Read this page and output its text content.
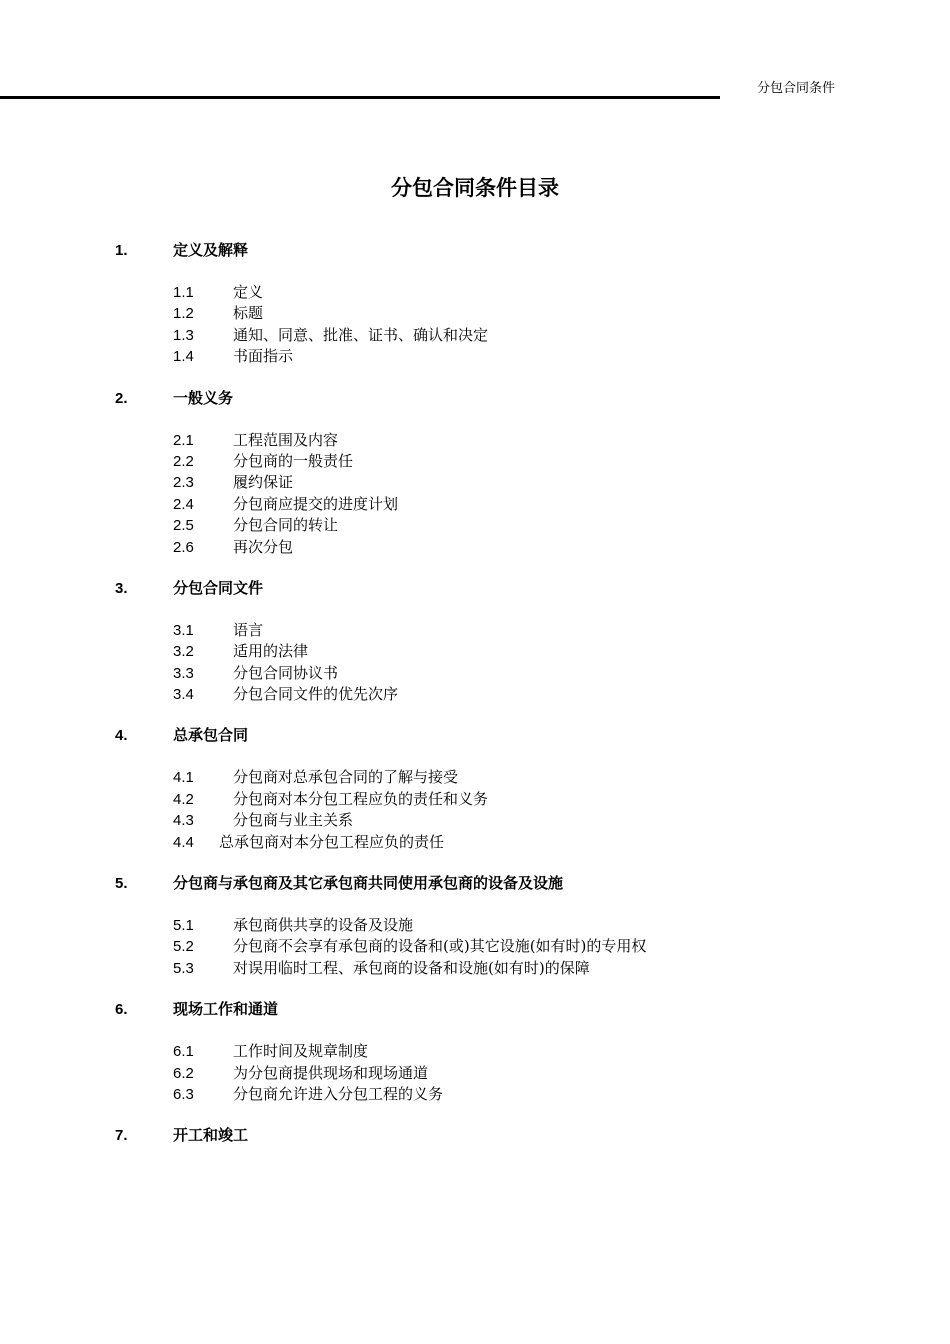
分包合同条件
分包合同条件目录
1.	定义及解释
1.1	定义
1.2	标题
1.3	通知、同意、批准、证书、确认和决定
1.4	书面指示
2.	一般义务
2.1	工程范围及内容
2.2	分包商的一般责任
2.3	履约保证
2.4	分包商应提交的进度计划
2.5	分包合同的转让
2.6	再次分包
3.	分包合同文件
3.1	语言
3.2	适用的法律
3.3	分包合同协议书
3.4	分包合同文件的优先次序
4.	总承包合同
4.1	分包商对总承包合同的了解与接受
4.2	分包商对本分包工程应负的责任和义务
4.3	分包商与业主关系
4.4 总承包商对本分包工程应负的责任
5.	分包商与承包商及其它承包商共同使用承包商的设备及设施
5.1	承包商供共享的设备及设施
5.2	分包商不会享有承包商的设备和(或)其它设施(如有时)的专用权
5.3	对误用临时工程、承包商的设备和设施(如有时)的保障
6.	现场工作和通道
6.1	工作时间及规章制度
6.2	为分包商提供现场和现场通道
6.3	分包商允许进入分包工程的义务
7.	开工和竣工
